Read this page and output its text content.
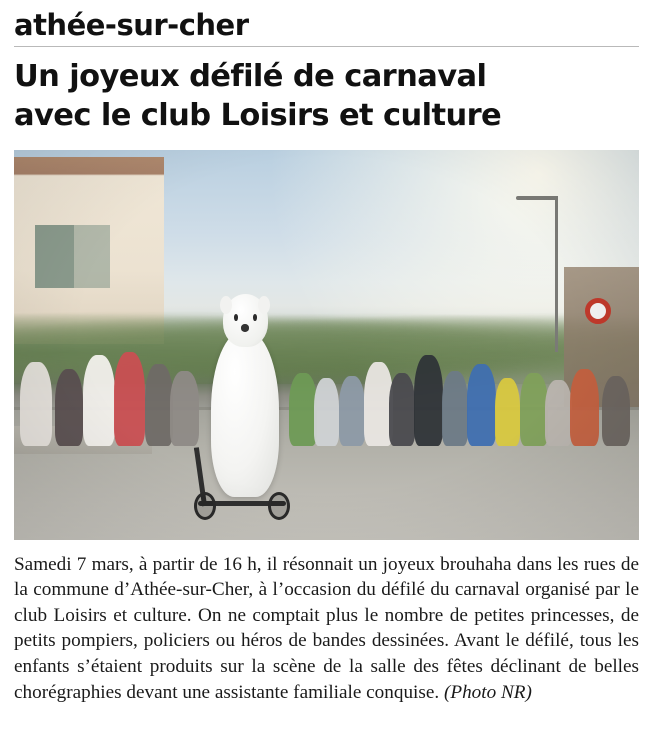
athée-sur-cher
Un joyeux défilé de carnaval
avec le club Loisirs et culture

Samedi 7 mars, à partir de 16 h, il résonnait un joyeux brouhaha dans les rues de la commune d’Athée-sur-Cher, à l’occasion du défilé du carnaval organisé par le club Loisirs et culture. On ne comptait plus le nombre de petites princesses, de petits pompiers, policiers ou héros de bandes dessinées. Avant le défilé, tous les enfants s’étaient produits sur la scène de la salle des fêtes déclinant de belles chorégraphies devant une assistante familiale conquise. (Photo NR)
